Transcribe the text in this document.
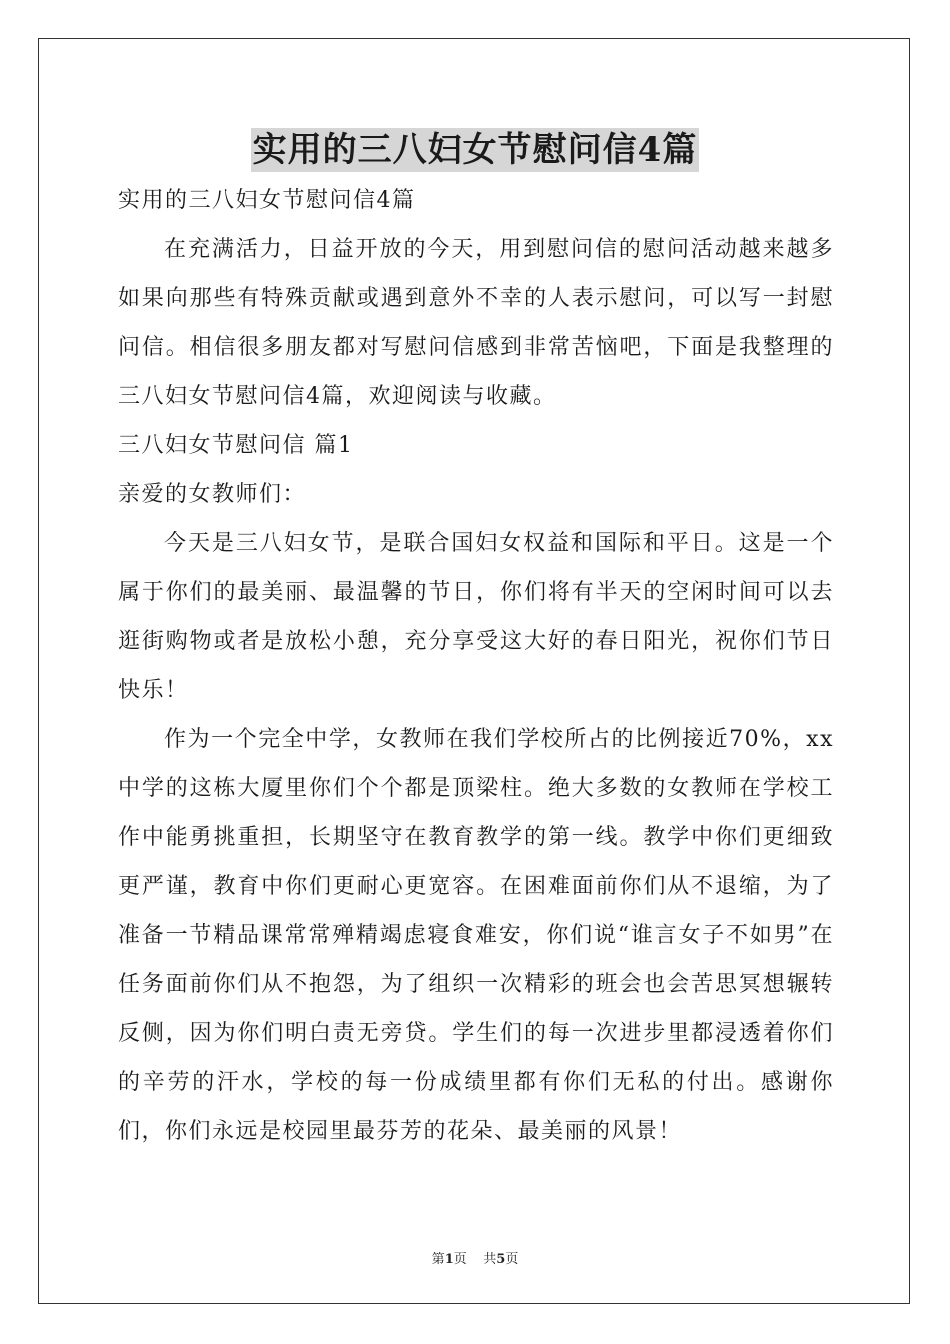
实用的三八妇女节慰问信4篇

实用的三八妇女节慰问信4篇

在充满活力，日益开放的今天，用到慰问信的慰问活动越来越多如果向那些有特殊贡献或遇到意外不幸的人表示慰问，可以写一封慰问信。相信很多朋友都对写慰问信感到非常苦恼吧，下面是我整理的三八妇女节慰问信4篇，欢迎阅读与收藏。

三八妇女节慰问信 篇1

亲爱的女教师们：

今天是三八妇女节，是联合国妇女权益和国际和平日。这是一个属于你们的最美丽、最温馨的节日，你们将有半天的空闲时间可以去逛街购物或者是放松小憩，充分享受这大好的春日阳光，祝你们节日快乐！

作为一个完全中学，女教师在我们学校所占的比例接近70%，xx中学的这栋大厦里你们个个都是顶梁柱。绝大多数的女教师在学校工作中能勇挑重担，长期坚守在教育教学的第一线。教学中你们更细致更严谨，教育中你们更耐心更宽容。在困难面前你们从不退缩，为了准备一节精品课常常殚精竭虑寝食难安，你们说“谁言女子不如男”在任务面前你们从不抱怨，为了组织一次精彩的班会也会苦思冥想辗转反侧，因为你们明白责无旁贷。学生们的每一次进步里都浸透着你们的辛劳的汗水，学校的每一份成绩里都有你们无私的付出。感谢你们，你们永远是校园里最芬芳的花朵、最美丽的风景！

第1页    共5页
